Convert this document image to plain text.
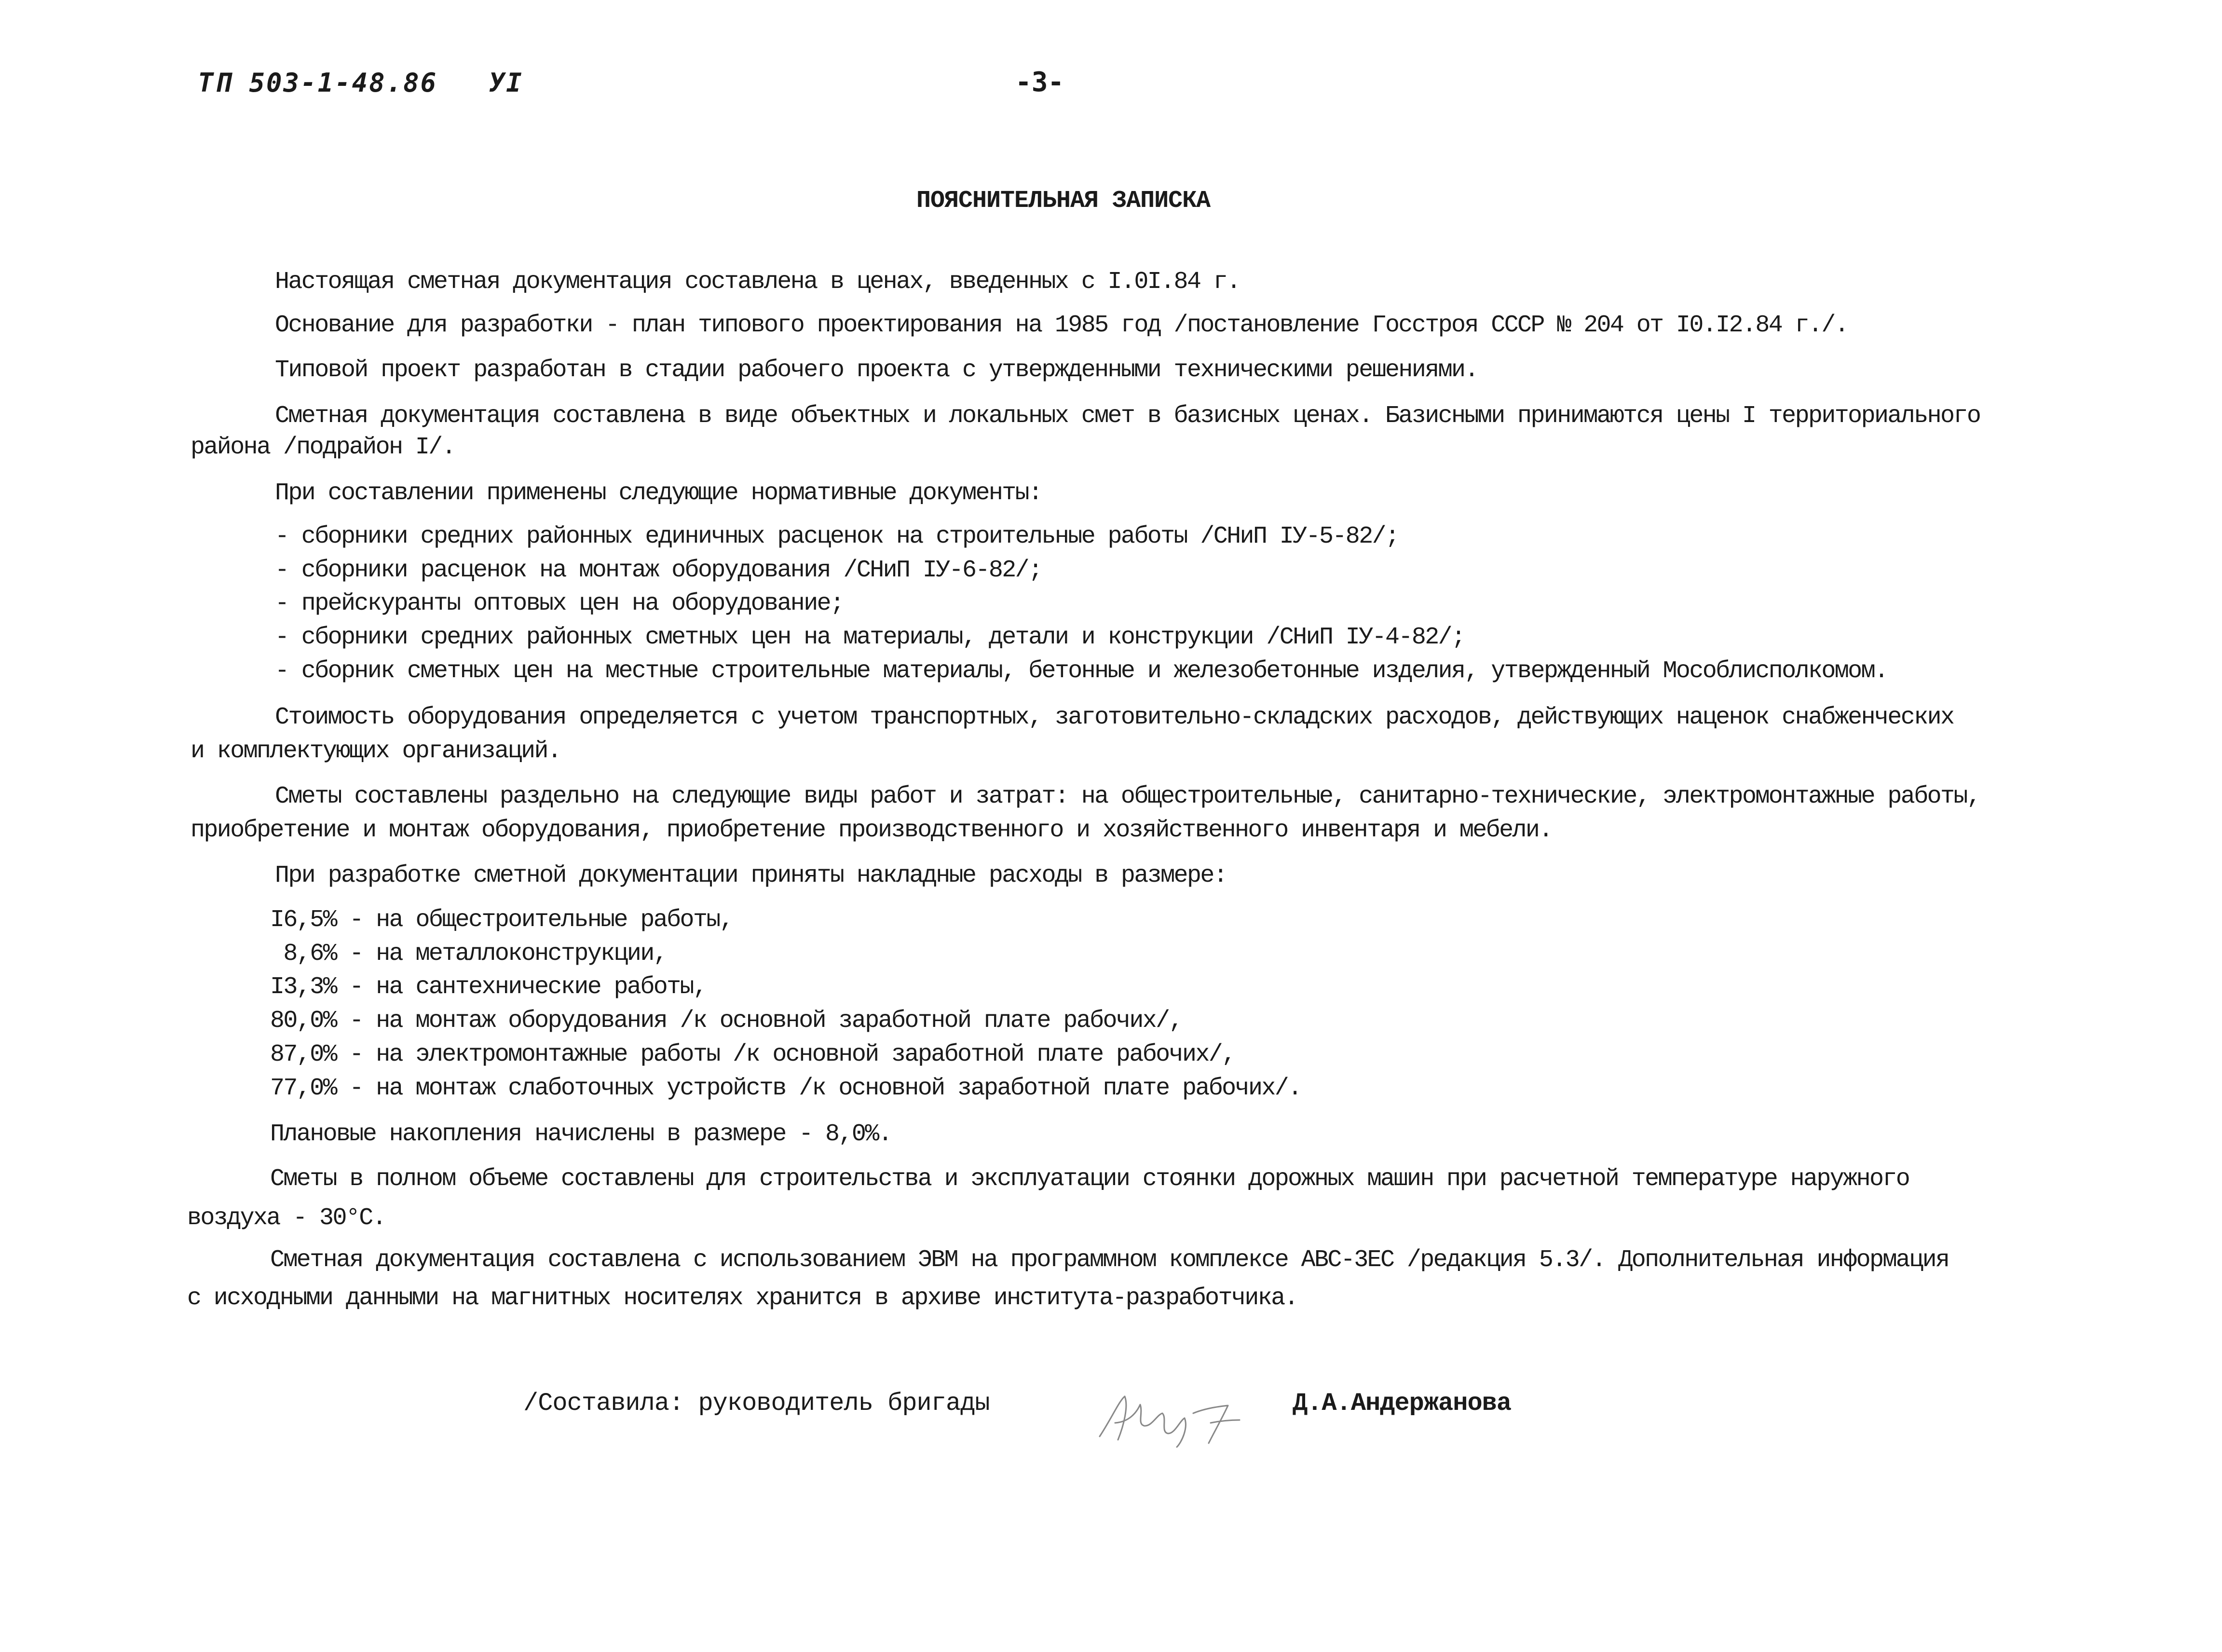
ТП 503-1-48.86 УI	-3-
ПОЯСНИТЕЛЬНАЯ ЗАПИСКА
Настоящая сметная документация составлена в ценах, введенных с I.0I.84 г.
Основание для разработки - план типового проектирования на 1985 год /постановление Госстроя СССР № 204 от I0.I2.84 г./.
Типовой проект разработан в стадии рабочего проекта с утвержденными техническими решениями.
Сметная документация составлена в виде объектных и локальных смет в базисных ценах. Базисными принимаются цены I территориального
района /подрайон I/.
При составлении применены следующие нормативные документы:
- сборники средних районных единичных расценок на строительные работы /СНиП IУ-5-82/;
- сборники расценок на монтаж оборудования /СНиП IУ-6-82/;
- прейскуранты оптовых цен на оборудование;
- сборники средних районных сметных цен на материалы, детали и конструкции /СНиП IУ-4-82/;
- сборник сметных цен на местные строительные материалы, бетонные и железобетонные изделия, утвержденный Мособлисполкомом.
Стоимость оборудования определяется с учетом транспортных, заготовительно-складских расходов, действующих наценок снабженческих
и комплектующих организаций.
Сметы составлены раздельно на следующие виды работ и затрат: на общестроительные, санитарно-технические, электромонтажные работы,
приобретение и монтаж оборудования, приобретение производственного и хозяйственного инвентаря и мебели.
При разработке сметной документации приняты накладные расходы в размере:
I6,5% - на общестроительные работы,
8,6% - на металлоконструкции,
I3,3% - на сантехнические работы,
80,0% - на монтаж оборудования /к основной заработной плате рабочих/,
87,0% - на электромонтажные работы /к основной заработной плате рабочих/,
77,0% - на монтаж слаботочных устройств /к основной заработной плате рабочих/.
Плановые накопления начислены в размере - 8,0%.
Сметы в полном объеме составлены для строительства и эксплуатации стоянки дорожных машин при расчетной температуре наружного
воздуха - 30°С.
Сметная документация составлена с использованием ЭВМ на программном комплексе АВС-3ЕС /редакция 5.3/. Дополнительная информация
с исходными данными на магнитных носителях хранится в архиве института-разработчика.
/Составила: руководитель бригады	Д.А.Андержанова
